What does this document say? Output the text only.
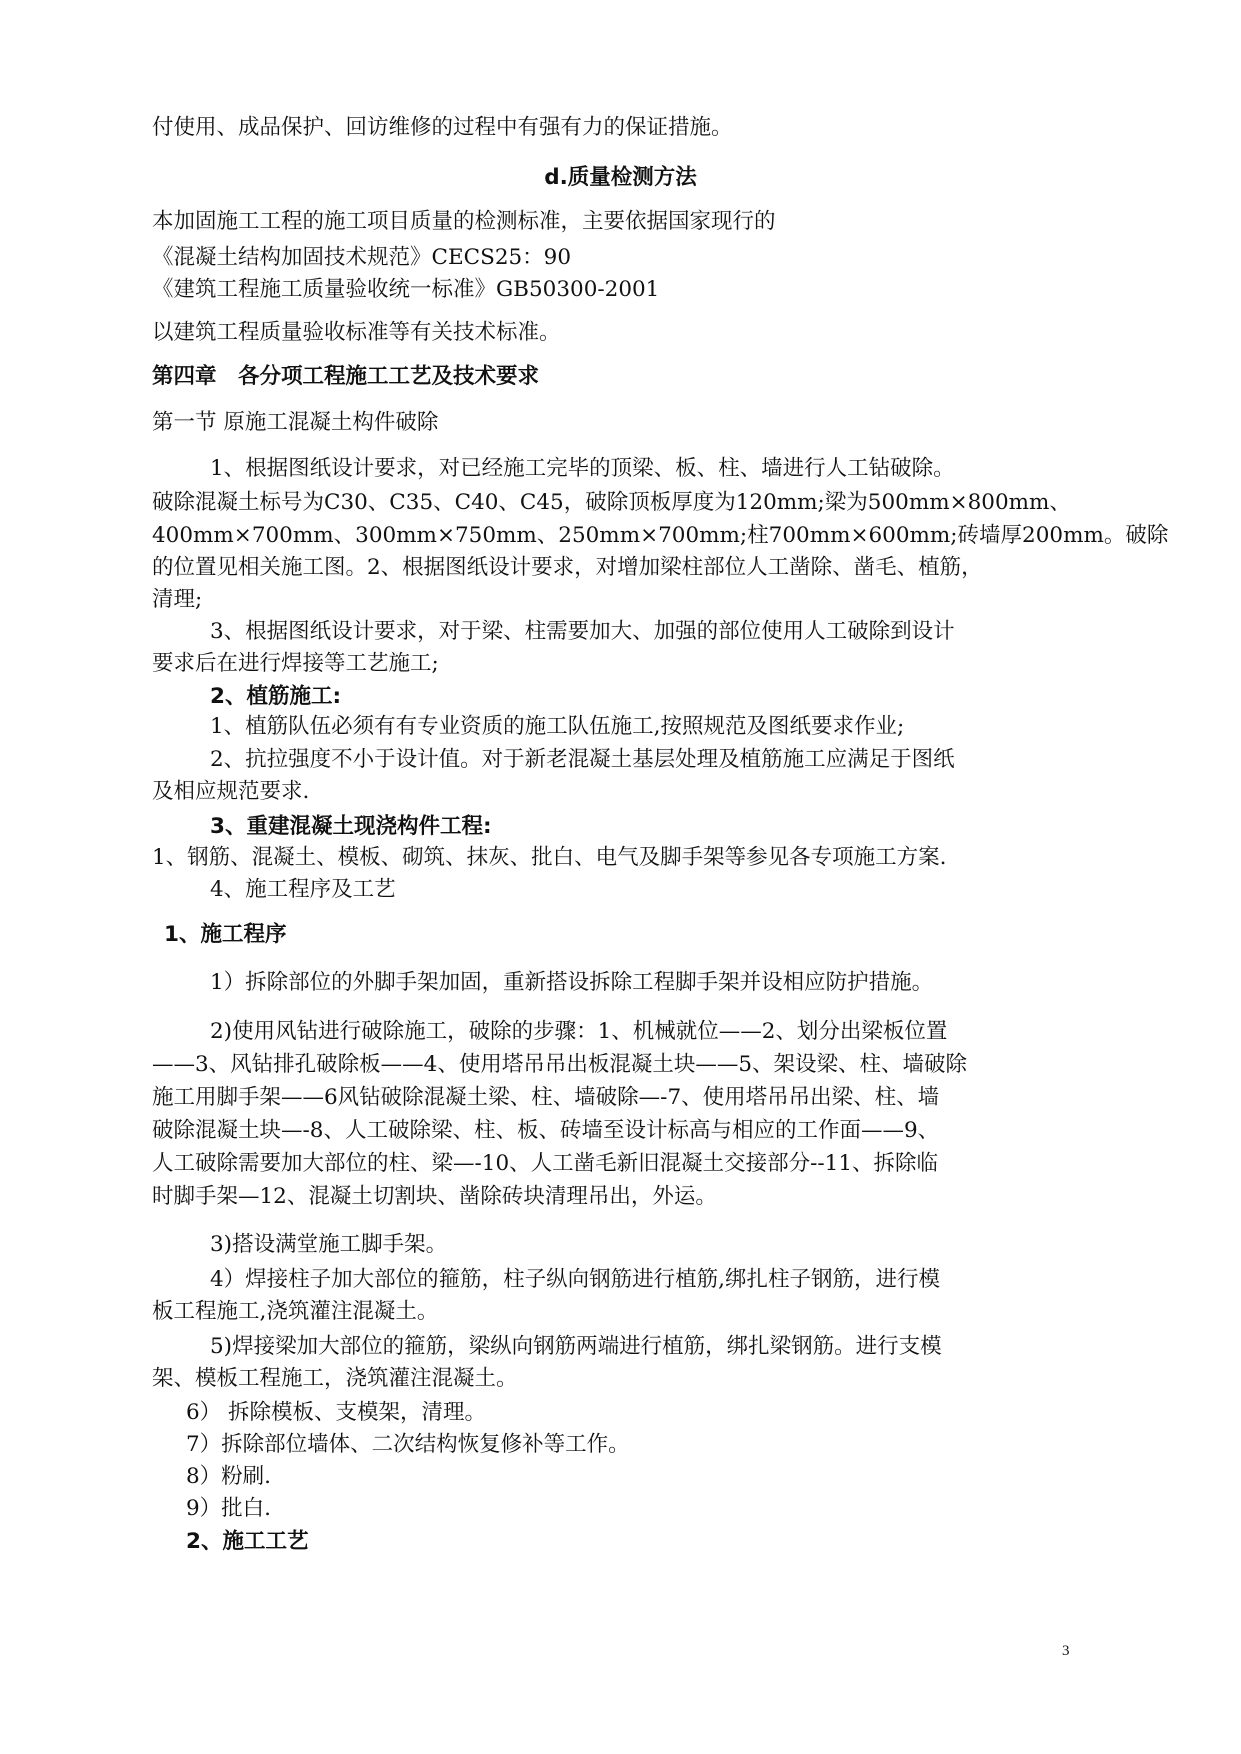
付使用、成品保护、回访维修的过程中有强有力的保证措施。
d.质量检测方法
本加固施工工程的施工项目质量的检测标准，主要依据国家现行的
《混凝土结构加固技术规范》CECS25：90
《建筑工程施工质量验收统一标准》GB50300-2001
以建筑工程质量验收标准等有关技术标准。
第四章　各分项工程施工工艺及技术要求
第一节 原施工混凝土构件破除
1、根据图纸设计要求，对已经施工完毕的顶梁、板、柱、墙进行人工钻破除。
破除混凝土标号为C30、C35、C40、C45，破除顶板厚度为120mm;梁为500mm×800mm、
400mm×700mm、300mm×750mm、250mm×700mm;柱700mm×600mm;砖墙厚200mm。破除
的位置见相关施工图。2、根据图纸设计要求，对增加梁柱部位人工凿除、凿毛、植筋，
清理;
3、根据图纸设计要求，对于梁、柱需要加大、加强的部位使用人工破除到设计
要求后在进行焊接等工艺施工;
2、植筋施工:
1、植筋队伍必须有有专业资质的施工队伍施工,按照规范及图纸要求作业;
2、抗拉强度不小于设计值。对于新老混凝土基层处理及植筋施工应满足于图纸
及相应规范要求.
3、重建混凝土现浇构件工程:
1、钢筋、混凝土、模板、砌筑、抹灰、批白、电气及脚手架等参见各专项施工方案.
4、施工程序及工艺
1、施工程序
1）拆除部位的外脚手架加固，重新搭设拆除工程脚手架并设相应防护措施。
2)使用风钻进行破除施工，破除的步骤：1、机械就位——2、划分出梁板位置
——3、风钻排孔破除板——4、使用塔吊吊出板混凝土块——5、架设梁、柱、墙破除
施工用脚手架——6风钻破除混凝土梁、柱、墙破除—-7、使用塔吊吊出梁、柱、墙
破除混凝土块—-8、人工破除梁、柱、板、砖墙至设计标高与相应的工作面——9、
人工破除需要加大部位的柱、梁—-10、人工凿毛新旧混凝土交接部分--11、拆除临
时脚手架—12、混凝土切割块、凿除砖块清理吊出，外运。
3)搭设满堂施工脚手架。
4）焊接柱子加大部位的箍筋，柱子纵向钢筋进行植筋,绑扎柱子钢筋，进行模
板工程施工,浇筑灌注混凝土。
5)焊接梁加大部位的箍筋，梁纵向钢筋两端进行植筋，绑扎梁钢筋。进行支模
架、模板工程施工，浇筑灌注混凝土。
6） 拆除模板、支模架，清理。
7）拆除部位墙体、二次结构恢复修补等工作。
8）粉刷.
9）批白.
2、施工工艺
3
